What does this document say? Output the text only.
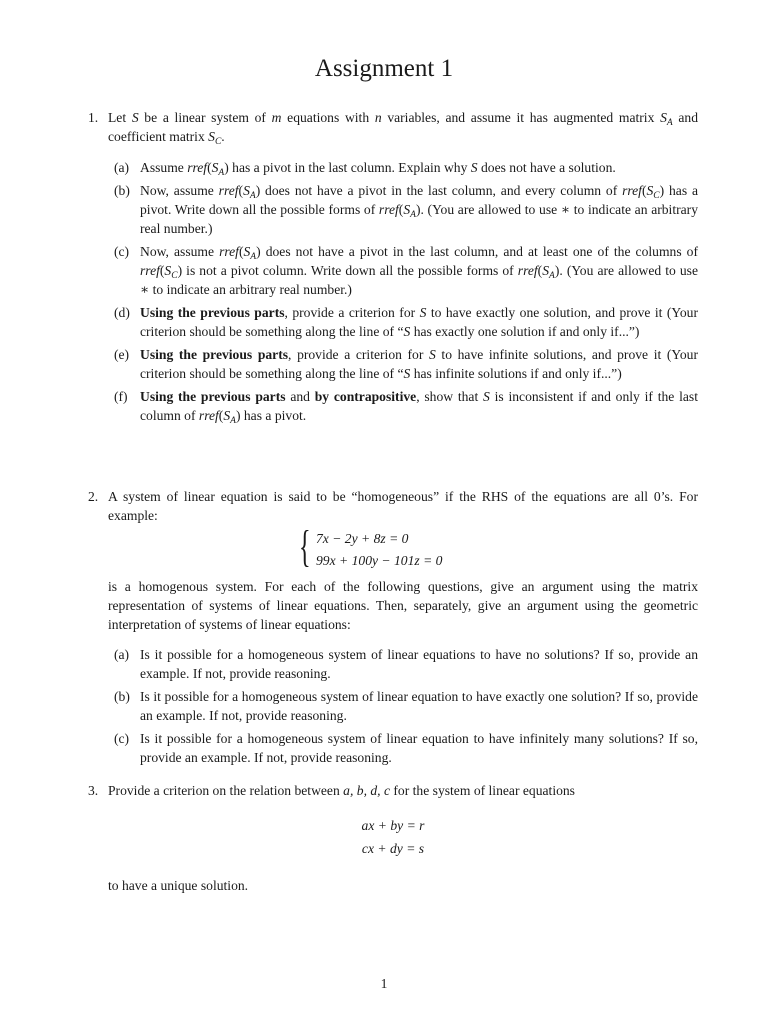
Assignment 1
1. Let S be a linear system of m equations with n variables, and assume it has augmented matrix $S_A$ and coefficient matrix $S_C$.
(a) Assume $rref(S_A)$ has a pivot in the last column. Explain why S does not have a solution.
(b) Now, assume $rref(S_A)$ does not have a pivot in the last column, and every column of $rref(S_C)$ has a pivot. Write down all the possible forms of $rref(S_A)$. (You are allowed to use ∗ to indicate an arbitrary real number.)
(c) Now, assume $rref(S_A)$ does not have a pivot in the last column, and at least one of the columns of $rref(S_C)$ is not a pivot column. Write down all the possible forms of $rref(S_A)$. (You are allowed to use ∗ to indicate an arbitrary real number.)
(d) Using the previous parts, provide a criterion for S to have exactly one solution, and prove it (Your criterion should be something along the line of “S has exactly one solution if and only if...”)
(e) Using the previous parts, provide a criterion for S to have infinite solutions, and prove it (Your criterion should be something along the line of “S has infinite solutions if and only if...”)
(f) Using the previous parts and by contrapositive, show that S is inconsistent if and only if the last column of $rref(S_A)$ has a pivot.
2. A system of linear equation is said to be “homogeneous” if the RHS of the equations are all 0’s. For example:
{ 7x − 2y + 8z = 0
99x + 100y − 101z = 0
is a homogenous system. For each of the following questions, give an argument using the matrix representation of systems of linear equations. Then, separately, give an argument using the geometric interpretation of systems of linear equations:
(a) Is it possible for a homogeneous system of linear equations to have no solutions? If so, provide an example. If not, provide reasoning.
(b) Is it possible for a homogeneous system of linear equation to have exactly one solution? If so, provide an example. If not, provide reasoning.
(c) Is it possible for a homogeneous system of linear equation to have infinitely many solutions? If so, provide an example. If not, provide reasoning.
3. Provide a criterion on the relation between a, b, d, c for the system of linear equations
ax + by = r
cx + dy = s
to have a unique solution.
1
